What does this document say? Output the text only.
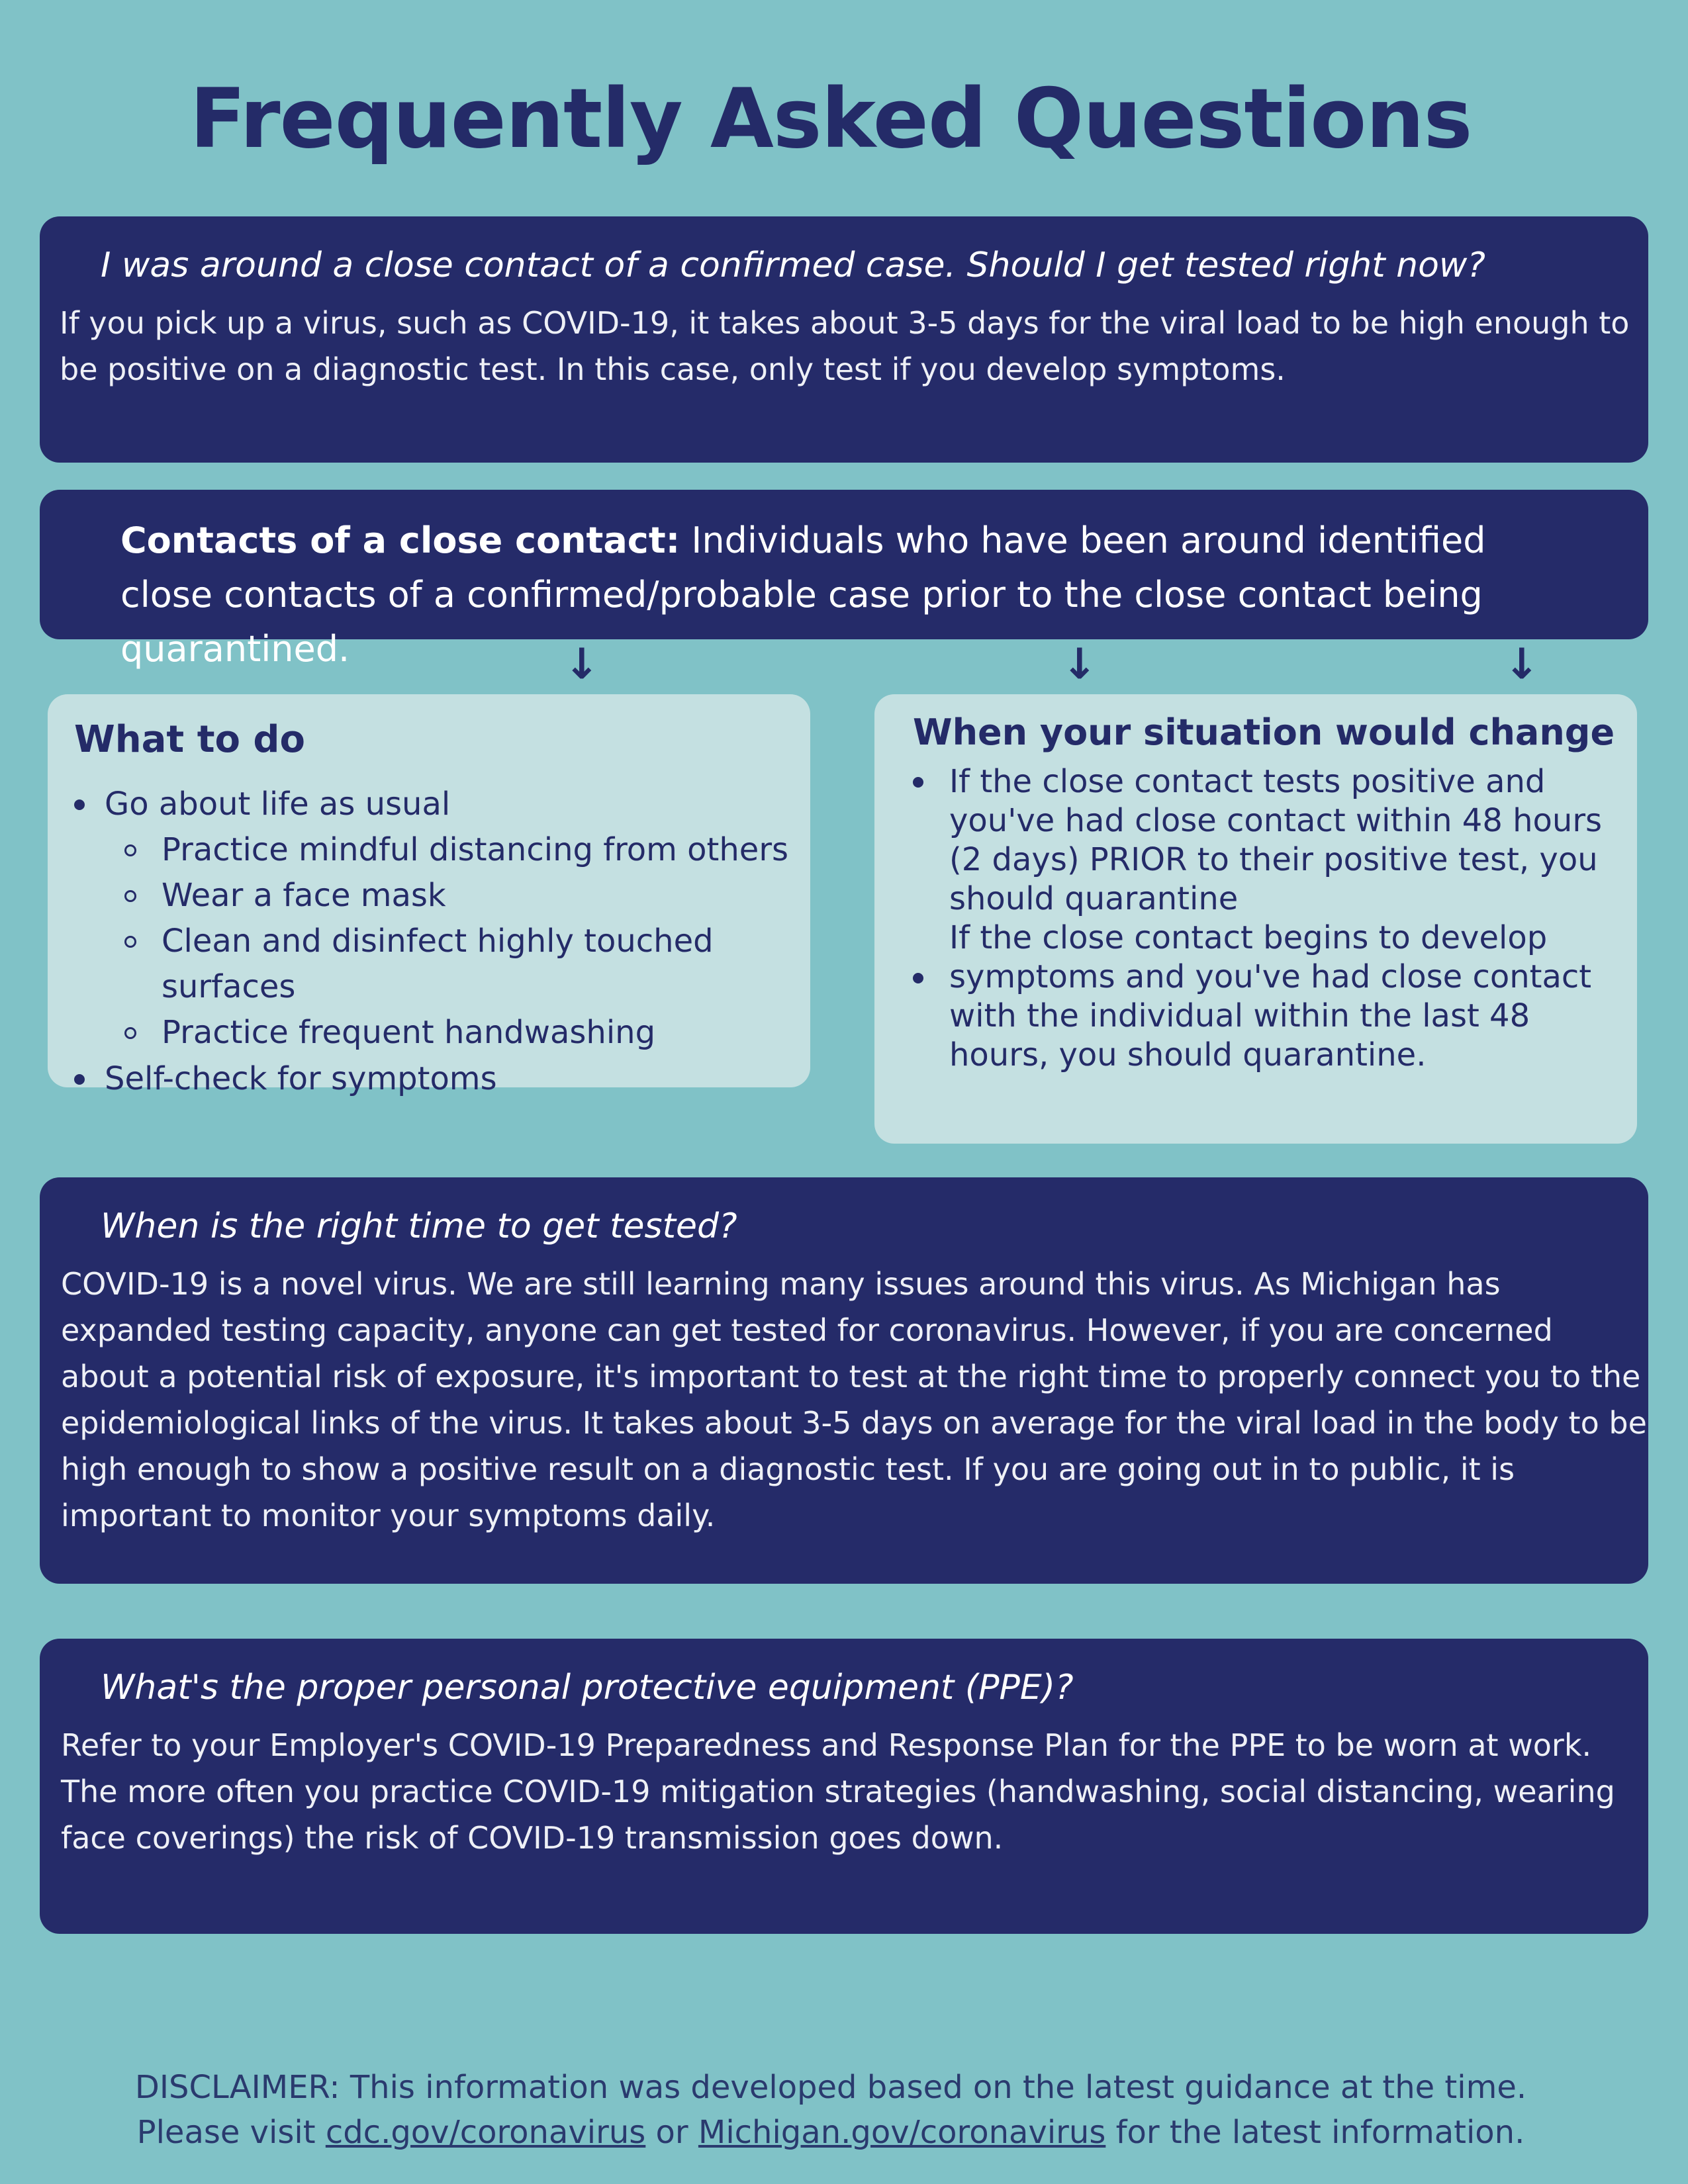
Frequently Asked Questions

I was around a close contact of a confirmed case. Should I get tested right now?

If you pick up a virus, such as COVID-19, it takes about 3-5 days for the viral load to be high enough to be positive on a diagnostic test. In this case, only test if you develop symptoms.

Contacts of a close contact: Individuals who have been around identified close contacts of a confirmed/probable case prior to the close contact being quarantined.	↓	↓	↓

What to do

Go about life as usual
Practice mindful distancing from others
Wear a face mask
Clean and disinfect highly touched surfaces
Practice frequent handwashing
Self-check for symptoms

When your situation would change

If the close contact tests positive and you've had close contact within 48 hours (2 days) PRIOR to their positive test, you should quarantine
If the close contact begins to develop symptoms and you've had close contact with the individual within the last 48 hours, you should quarantine.

When is the right time to get tested?

COVID-19 is a novel virus. We are still learning many issues around this virus. As Michigan has expanded testing capacity, anyone can get tested for coronavirus. However, if you are concerned about a potential risk of exposure, it's important to test at the right time to properly connect you to the epidemiological links of the virus. It takes about 3-5 days on average for the viral load in the body to be high enough to show a positive result on a diagnostic test. If you are going out in to public, it is important to monitor your symptoms daily.

What's the proper personal protective equipment (PPE)?

Refer to your Employer's COVID-19 Preparedness and Response Plan for the PPE to be worn at work. The more often you practice COVID-19 mitigation strategies (handwashing, social distancing, wearing face coverings) the risk of COVID-19 transmission goes down.

DISCLAIMER: This information was developed based on the latest guidance at the time.
Please visit cdc.gov/coronavirus or Michigan.gov/coronavirus for the latest information.
